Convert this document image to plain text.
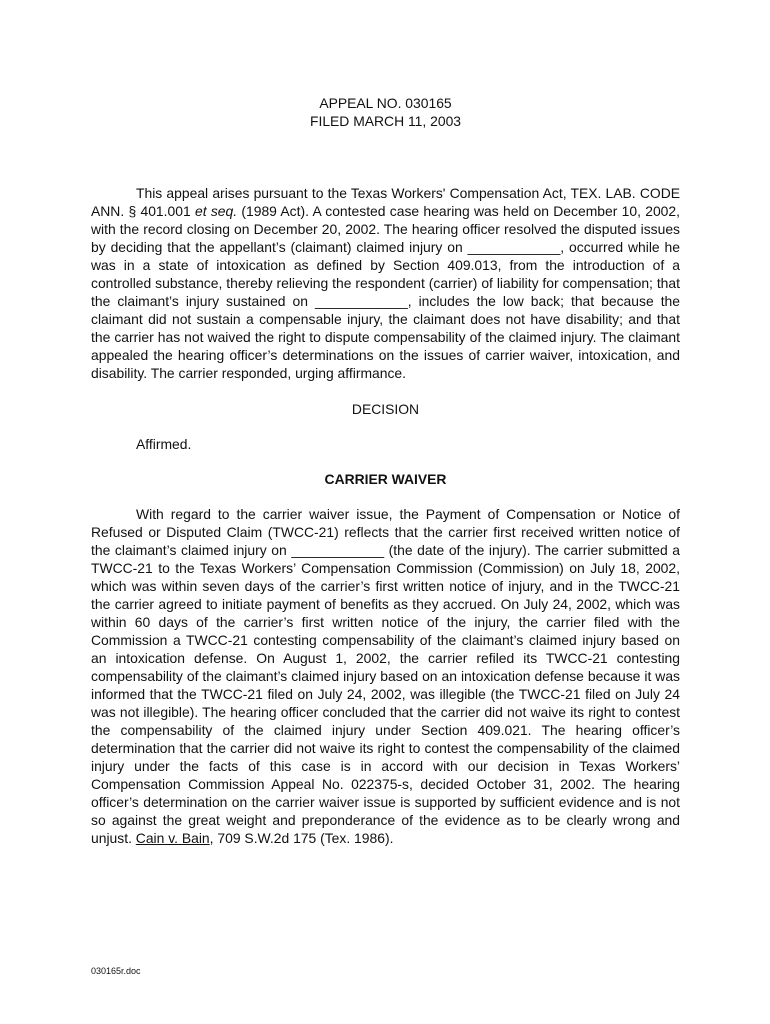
APPEAL NO. 030165

FILED MARCH 11, 2003

This appeal arises pursuant to the Texas Workers' Compensation Act, TEX. LAB. CODE ANN. § 401.001 et seq. (1989 Act). A contested case hearing was held on December 10, 2002, with the record closing on December 20, 2002. The hearing officer resolved the disputed issues by deciding that the appellant’s (claimant) claimed injury on ____________, occurred while he was in a state of intoxication as defined by Section 409.013, from the introduction of a controlled substance, thereby relieving the respondent (carrier) of liability for compensation; that the claimant’s injury sustained on ____________, includes the low back; that because the claimant did not sustain a compensable injury, the claimant does not have disability; and that the carrier has not waived the right to dispute compensability of the claimed injury. The claimant appealed the hearing officer’s determinations on the issues of carrier waiver, intoxication, and disability. The carrier responded, urging affirmance.

DECISION

Affirmed.

CARRIER WAIVER

With regard to the carrier waiver issue, the Payment of Compensation or Notice of Refused or Disputed Claim (TWCC-21) reflects that the carrier first received written notice of the claimant’s claimed injury on ____________ (the date of the injury). The carrier submitted a TWCC-21 to the Texas Workers’ Compensation Commission (Commission) on July 18, 2002, which was within seven days of the carrier’s first written notice of injury, and in the TWCC-21 the carrier agreed to initiate payment of benefits as they accrued. On July 24, 2002, which was within 60 days of the carrier’s first written notice of the injury, the carrier filed with the Commission a TWCC-21 contesting compensability of the claimant’s claimed injury based on an intoxication defense. On August 1, 2002, the carrier refiled its TWCC-21 contesting compensability of the claimant’s claimed injury based on an intoxication defense because it was informed that the TWCC-21 filed on July 24, 2002, was illegible (the TWCC-21 filed on July 24 was not illegible). The hearing officer concluded that the carrier did not waive its right to contest the compensability of the claimed injury under Section 409.021. The hearing officer’s determination that the carrier did not waive its right to contest the compensability of the claimed injury under the facts of this case is in accord with our decision in Texas Workers’ Compensation Commission Appeal No. 022375-s, decided October 31, 2002. The hearing officer’s determination on the carrier waiver issue is supported by sufficient evidence and is not so against the great weight and preponderance of the evidence as to be clearly wrong and unjust. Cain v. Bain, 709 S.W.2d 175 (Tex. 1986).

030165r.doc
